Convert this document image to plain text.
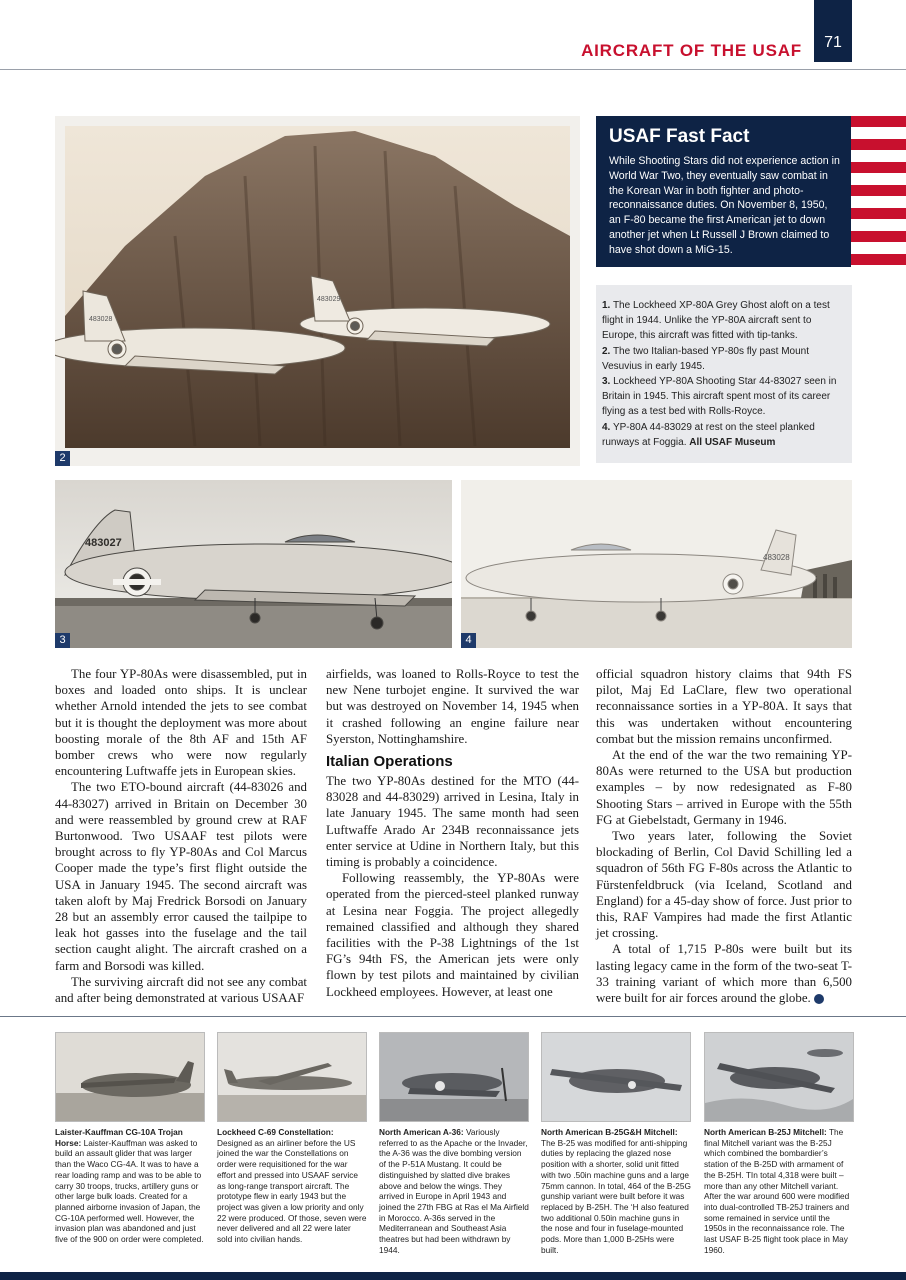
AIRCRAFT OF THE USAF	71
483028
483029
2
USAF Fast Fact
While Shooting Stars did not experience action in World War Two, they eventually saw combat in the Korean War in both fighter and photo-reconnaissance duties. On November 8, 1950, an F-80 became the first American jet to down another jet when Lt Russell J Brown claimed to have shot down a MiG-15.
1. The Lockheed XP-80A Grey Ghost aloft on a test flight in 1944. Unlike the YP-80A aircraft sent to Europe, this aircraft was fitted with tip-tanks.
2. The two Italian-based YP-80s fly past Mount Vesuvius in early 1945.
3. Lockheed YP-80A Shooting Star 44-83027 seen in Britain in 1945. This aircraft spent most of its career flying as a test bed with Rolls-Royce.
4. YP-80A 44-83029 at rest on the steel planked runways at Foggia. All USAF Museum
483027
3
483028
4

The four YP-80As were disassembled, put in boxes and loaded onto ships. It is unclear whether Arnold intended the jets to see combat but it is thought the deployment was more about boosting morale of the 8th AF and 15th AF bomber crews who were now regularly encountering Luftwaffe jets in European skies.

The two ETO-bound aircraft (44-83026 and 44-83027) arrived in Britain on December 30 and were reassembled by ground crew at RAF Burtonwood. Two USAAF test pilots were brought across to fly YP-80As and Col Marcus Cooper made the type’s first flight outside the USA in January 1945. The second aircraft was taken aloft by Maj Fredrick Borsodi on January 28 but an assembly error caused the tailpipe to leak hot gasses into the fuselage and the tail section caught alight. The aircraft crashed on a farm and Borsodi was killed.

The surviving aircraft did not see any combat and after being demonstrated at various USAAF

airfields, was loaned to Rolls-Royce to test the new Nene turbojet engine. It survived the war but was destroyed on November 14, 1945 when it crashed following an engine failure near Syerston, Nottinghamshire.

Italian Operations

The two YP-80As destined for the MTO (44-83028 and 44-83029) arrived in Lesina, Italy in late January 1945. The same month had seen Luftwaffe Arado Ar 234B reconnaissance jets enter service at Udine in Northern Italy, but this timing is probably a coincidence.

Following reassembly, the YP-80As were operated from the pierced-steel planked runway at Lesina near Foggia. The project allegedly remained classified and although they shared facilities with the P-38 Lightnings of the 1st FG’s 94th FS, the American jets were only flown by test pilots and maintained by civilian Lockheed employees. However, at least one

official squadron history claims that 94th FS pilot, Maj Ed LaClare, flew two operational reconnaissance sorties in a YP-80A. It says that this was undertaken without encountering combat but the mission remains unconfirmed.

At the end of the war the two remaining YP-80As were returned to the USA but production examples – by now redesignated as F-80 Shooting Stars – arrived in Europe with the 55th FG at Giebelstadt, Germany in 1946.

Two years later, following the Soviet blockading of Berlin, Col David Schilling led a squadron of 56th FG F-80s across the Atlantic to Fürstenfeldbruck (via Iceland, Scotland and England) for a 45-day show of force. Just prior to this, RAF Vampires had made the first Atlantic jet crossing.

A total of 1,715 P-80s were built but its lasting legacy came in the form of the two-seat T-33 training variant of which more than 6,500 were built for air forces around the globe.	✪

Laister-Kauffman CG-10A Trojan Horse: Laister-Kauffman was asked to build an assault glider that was larger than the Waco CG-4A. It was to have a rear loading ramp and was to be able to carry 30 troops, trucks, artillery guns or other large bulk loads. Created for a planned airborne invasion of Japan, the CG-10A performed well. However, the invasion plan was abandoned and just five of the 900 on order were completed.
Lockheed C-69 Constellation: Designed as an airliner before the US joined the war the Constellations on order were requisitioned for the war effort and pressed into USAAF service as long-range transport aircraft. The prototype flew in early 1943 but the project was given a low priority and only 22 were produced. Of those, seven were never delivered and all 22 were later sold into civilian hands.
North American A-36: Variously referred to as the Apache or the Invader, the A-36 was the dive bombing version of the P-51A Mustang. It could be distinguished by slatted dive brakes above and below the wings. They arrived in Europe in April 1943 and joined the 27th FBG at Ras el Ma Airfield in Morocco. A-36s served in the Mediterranean and Southeast Asia theatres but had been withdrawn by 1944.
North American B-25G&H Mitchell: The B-25 was modified for anti-shipping duties by replacing the glazed nose position with a shorter, solid unit fitted with two .50in machine guns and a large 75mm cannon. In total, 464 of the B-25G gunship variant were built before it was replaced by B-25H. The ‘H also featured two additional 0.50in machine guns in the nose and four in fuselage-mounted pods. More than 1,000 B-25Hs were built.
North American B-25J Mitchell: The final Mitchell variant was the B-25J which combined the bombardier’s station of the B-25D with armament of the B-25H. TIn total 4,318 were built – more than any other Mitchell variant. After the war around 600 were modified into dual-controlled TB-25J trainers and some remained in service until the 1950s in the reconnaissance role. The last USAF B-25 flight took place in May 1960.
